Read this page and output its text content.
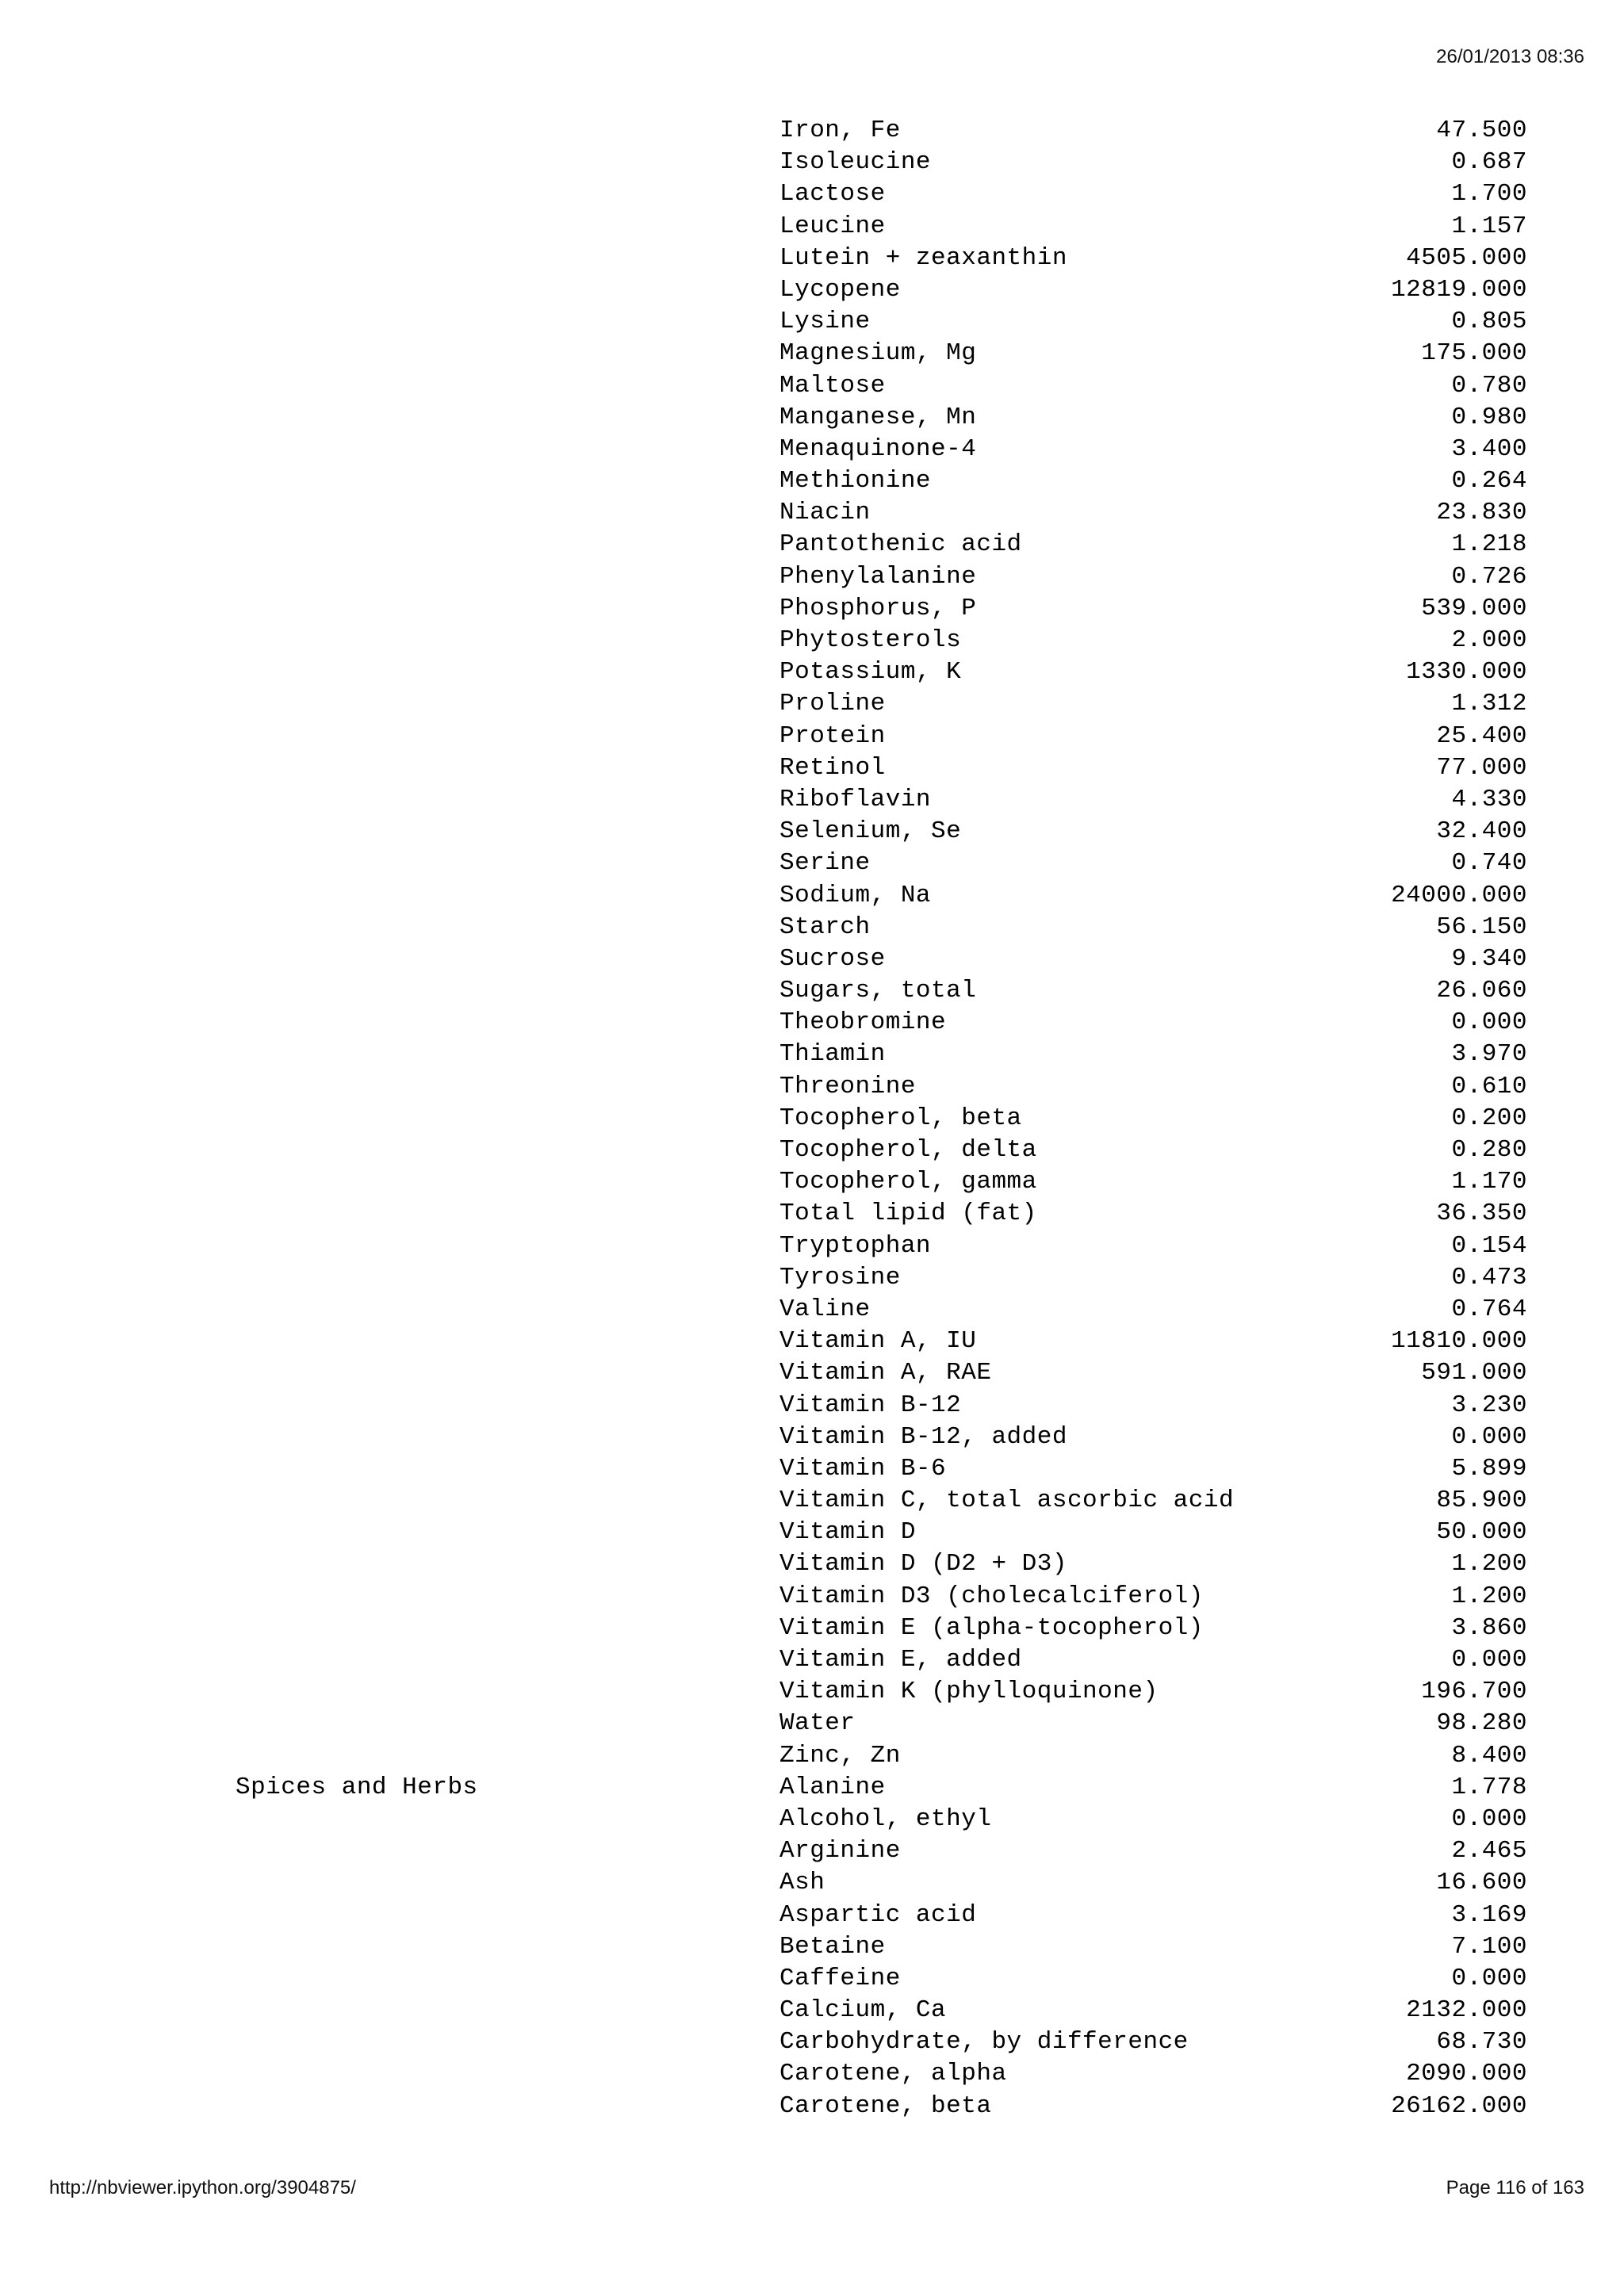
26/01/2013 08:36
Iron, Fe	47.500
Isoleucine	0.687
Lactose	1.700
Leucine	1.157
Lutein + zeaxanthin	4505.000
Lycopene	12819.000
Lysine	0.805
Magnesium, Mg	175.000
Maltose	0.780
Manganese, Mn	0.980
Menaquinone-4	3.400
Methionine	0.264
Niacin	23.830
Pantothenic acid	1.218
Phenylalanine	0.726
Phosphorus, P	539.000
Phytosterols	2.000
Potassium, K	1330.000
Proline	1.312
Protein	25.400
Retinol	77.000
Riboflavin	4.330
Selenium, Se	32.400
Serine	0.740
Sodium, Na	24000.000
Starch	56.150
Sucrose	9.340
Sugars, total	26.060
Theobromine	0.000
Thiamin	3.970
Threonine	0.610
Tocopherol, beta	0.200
Tocopherol, delta	0.280
Tocopherol, gamma	1.170
Total lipid (fat)	36.350
Tryptophan	0.154
Tyrosine	0.473
Valine	0.764
Vitamin A, IU	11810.000
Vitamin A, RAE	591.000
Vitamin B-12	3.230
Vitamin B-12, added	0.000
Vitamin B-6	5.899
Vitamin C, total ascorbic acid	85.900
Vitamin D	50.000
Vitamin D (D2 + D3)	1.200
Vitamin D3 (cholecalciferol)	1.200
Vitamin E (alpha-tocopherol)	3.860
Vitamin E, added	0.000
Vitamin K (phylloquinone)	196.700
Water	98.280
Zinc, Zn	8.400
Spices and Herbs	Alanine	1.778
Alcohol, ethyl	0.000
Arginine	2.465
Ash	16.600
Aspartic acid	3.169
Betaine	7.100
Caffeine	0.000
Calcium, Ca	2132.000
Carbohydrate, by difference	68.730
Carotene, alpha	2090.000
Carotene, beta	26162.000
http://nbviewer.ipython.org/3904875/	Page 116 of 163
